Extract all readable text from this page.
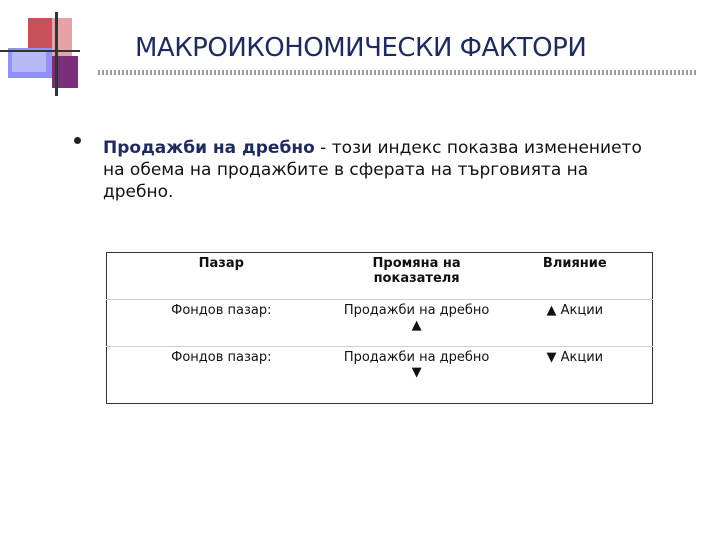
МАКРОИКОНОМИЧЕСКИ ФАКТОРИ
Продажби на дребно - този индекс показва изменението на обема на продажбите в сферата на търговията на дребно.
Пазар	Промяна на показателя	Влияние
Фондов пазар:	Продажби на дребно ▲	▲ Акции
Фондов пазар:	Продажби на дребно ▼	▼ Акции
